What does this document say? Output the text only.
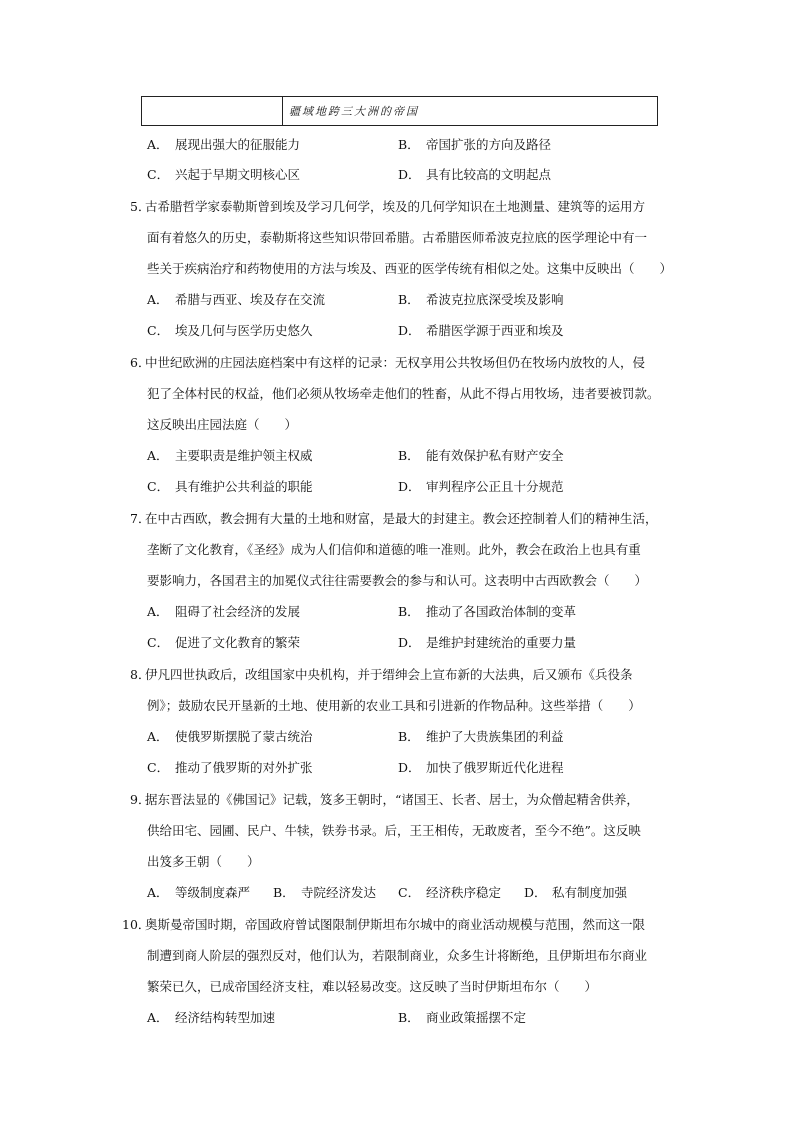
疆域地跨三大洲的帝国
A． 展现出强大的征服能力	B． 帝国扩张的方向及路径
C． 兴起于早期文明核心区	D． 具有比较高的文明起点
5．
古希腊哲学家泰勒斯曾到埃及学习几何学，埃及的几何学知识在土地测量、建筑等的运用方
面有着悠久的历史，泰勒斯将这些知识带回希腊。古希腊医师希波克拉底的医学理论中有一
些关于疾病治疗和药物使用的方法与埃及、西亚的医学传统有相似之处。这集中反映出（　　）
A． 希腊与西亚、埃及存在交流	B． 希波克拉底深受埃及影响
C． 埃及几何与医学历史悠久	D． 希腊医学源于西亚和埃及
6．
中世纪欧洲的庄园法庭档案中有这样的记录：无权享用公共牧场但仍在牧场内放牧的人，侵
犯了全体村民的权益，他们必须从牧场牵走他们的牲畜，从此不得占用牧场，违者要被罚款。
这反映出庄园法庭（　　）
A． 主要职责是维护领主权威	B． 能有效保护私有财产安全
C． 具有维护公共利益的职能	D． 审判程序公正且十分规范
7．
在中古西欧，教会拥有大量的土地和财富，是最大的封建主。教会还控制着人们的精神生活，
垄断了文化教育，《圣经》成为人们信仰和道德的唯一准则。此外，教会在政治上也具有重
要影响力，各国君主的加冕仪式往往需要教会的参与和认可。这表明中古西欧教会（　　）
A． 阻碍了社会经济的发展	B． 推动了各国政治体制的变革
C． 促进了文化教育的繁荣	D． 是维护封建统治的重要力量
8．
伊凡四世执政后，改组国家中央机构，并于缙绅会上宣布新的大法典，后又颁布《兵役条
例》；鼓励农民开垦新的土地、使用新的农业工具和引进新的作物品种。这些举措（　　）
A． 使俄罗斯摆脱了蒙古统治	B． 维护了大贵族集团的利益
C． 推动了俄罗斯的对外扩张	D． 加快了俄罗斯近代化进程
9．
据东晋法显的《佛国记》记载，笈多王朝时，“诸国王、长者、居士，为众僧起精舍供养，
供给田宅、园圃、民户、牛犊，铁券书录。后，王王相传，无敢废者，至今不绝”。这反映
出笈多王朝（　　）
A． 等级制度森严 B． 寺院经济发达 C． 经济秩序稳定 D． 私有制度加强
10．
奥斯曼帝国时期，帝国政府曾试图限制伊斯坦布尔城中的商业活动规模与范围，然而这一限
制遭到商人阶层的强烈反对，他们认为，若限制商业，众多生计将断绝，且伊斯坦布尔商业
繁荣已久，已成帝国经济支柱，难以轻易改变。这反映了当时伊斯坦布尔（　　）
A． 经济结构转型加速	B． 商业政策摇摆不定
